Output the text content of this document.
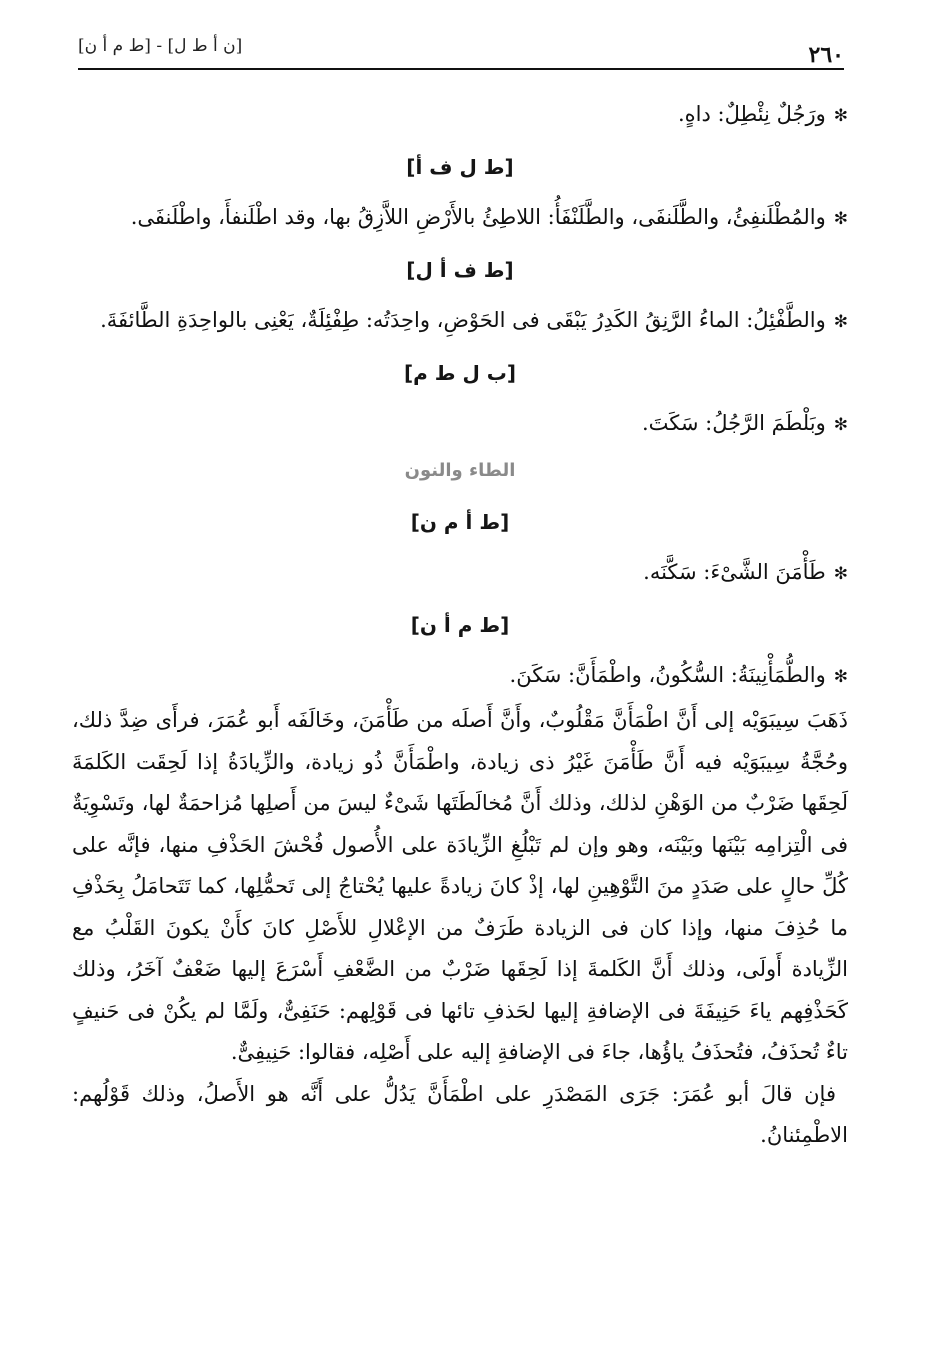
٢٦٠
[ن أ ط ل] - [ط م أ ن]

✻ورَجُلٌ نِئْطِلٌ: داهٍ.

[ط ل ف أ]

✻والمُطْلَنفِئُ، والطَّلَنفَى، والطَّلَنْفَأُ: اللاطِئُ بالأَرْضِ اللاَّزِقُ بها، وقد اطْلَنفأَ، واطْلَنفَى.

[ط ف أ ل]

✻والطَّفْئِلُ: الماءُ الرَّنِقُ الكَدِرُ يَبْقَى فى الحَوْضِ، واحِدَتُه: طِفْئِلَةٌ، يَعْنِى بالواحِدَةِ الطَّائفَةَ.

[ب ل ط م]

✻وبَلْطَمَ الرَّجُلُ: سَكَتَ.

الطاء والنون

[ط أ م ن]

✻طَأْمَنَ الشَّىْءَ: سَكَّنَه.

[ط م أ ن]

✻والطُّمَأْنِينَةُ: السُّكُونُ، واطْمَأَنَّ: سَكَنَ.

ذَهَبَ سِيبَوَيْه إلى أَنَّ اطْمَأَنَّ مَقْلُوبٌ، وأَنَّ أَصلَه من طَأْمَنَ، وخَالَفَه أَبو عُمَرَ، فرأَى ضِدَّ ذلك، وحُجَّةُ سِيبَوَيْه فيه أَنَّ طَأْمَنَ غَيْرُ ذى زيادة، واطْمَأَنَّ ذُو زيادة، والزِّيادَةُ إذا لَحِقَت الكَلمَةَ لَحِقَها ضَرْبٌ من الوَهْنِ لذلك، وذلك أَنَّ مُخالَطَتَها شَىْءٌ ليسَ من أَصلِها مُزاحمَةٌ لها، وتَسْوِيَةٌ فى الْتِزامِه بَيْنَها وبَيْنَه، وهو وإن لم تَبْلُغِ الزِّيادَة على الأُصول فُحْشَ الحَذْفِ منها، فإنَّه على كُلِّ حالٍ على صَدَدٍ منَ التَّوْهِينِ لها، إذْ كانَ زيادةً عليها يُحْتاجُ إلى تَحمُّلِها، كما تَتَحامَلُ بِحَذْفِ ما حُذِفَ منها، وإذا كان فى الزيادة طَرَفٌ من الإعْلالِ للأَصْلِ كانَ كأَنْ يكونَ القَلْبُ مع الزِّيادة أَولَى، وذلك أَنَّ الكَلمةَ إذا لَحِقَها ضَرْبٌ من الضَّعْفِ أَسْرَعَ إليها ضَعْفٌ آخَرُ، وذلك كَحَذْفِهم ياءَ حَنِيفَةَ فى الإضافةِ إليها لحَذفِ تائها فى قَوْلِهم: حَنَفِىٌّ، ولَمَّا لم يكُنْ فى حَنيفٍ تاءٌ تُحذَفُ، فتُحذَفُ ياؤُها، جاءَ فى الإضافةِ إليه على أَصْلِه، فقالوا: حَنِيفِىٌّ.

فإن قالَ أبو عُمَرَ: جَرَى المَصْدَرِ على اطْمَأَنَّ يَدُلُّ على أَنَّه هو الأَصلُ، وذلك قَوْلُهم: الاطْمِئنانُ.
